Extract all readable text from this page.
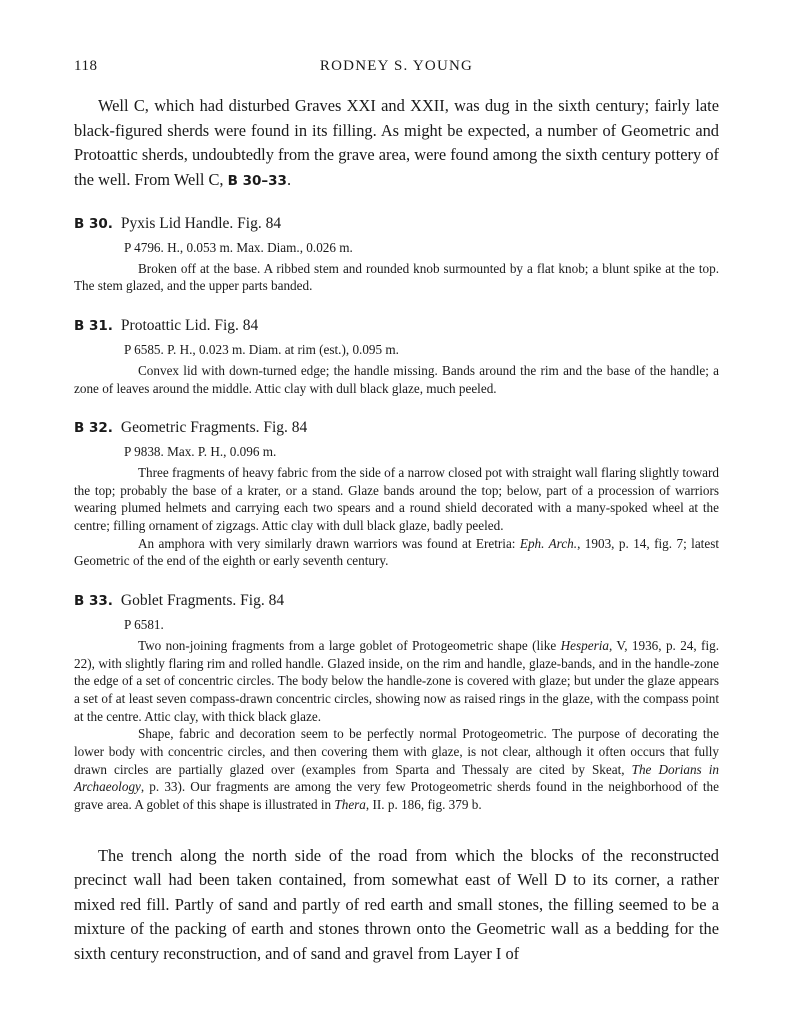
118	RODNEY S. YOUNG

Well C, which had disturbed Graves XXI and XXII, was dug in the sixth century; fairly late black-figured sherds were found in its filling. As might be expected, a number of Geometric and Protoattic sherds, undoubtedly from the grave area, were found among the sixth century pottery of the well. From Well C, B 30–33.

B 30. Pyxis Lid Handle. Fig. 84

P 4796. H., 0.053 m. Max. Diam., 0.026 m.

Broken off at the base. A ribbed stem and rounded knob surmounted by a flat knob; a blunt spike at the top. The stem glazed, and the upper parts banded.

B 31. Protoattic Lid. Fig. 84

P 6585. P. H., 0.023 m. Diam. at rim (est.), 0.095 m.

Convex lid with down-turned edge; the handle missing. Bands around the rim and the base of the handle; a zone of leaves around the middle. Attic clay with dull black glaze, much peeled.

B 32. Geometric Fragments. Fig. 84

P 9838. Max. P. H., 0.096 m.

Three fragments of heavy fabric from the side of a narrow closed pot with straight wall flaring slightly toward the top; probably the base of a krater, or a stand. Glaze bands around the top; below, part of a procession of warriors wearing plumed helmets and carrying each two spears and a round shield decorated with a many-spoked wheel at the centre; filling ornament of zigzags. Attic clay with dull black glaze, badly peeled.

An amphora with very similarly drawn warriors was found at Eretria: Eph. Arch., 1903, p. 14, fig. 7; latest Geometric of the end of the eighth or early seventh century.

B 33. Goblet Fragments. Fig. 84

P 6581.

Two non-joining fragments from a large goblet of Protogeometric shape (like Hesperia, V, 1936, p. 24, fig. 22), with slightly flaring rim and rolled handle. Glazed inside, on the rim and handle, glaze-bands, and in the handle-zone the edge of a set of concentric circles. The body below the handle-zone is covered with glaze; but under the glaze appears a set of at least seven compass-drawn concentric circles, showing now as raised rings in the glaze, with the compass point at the centre. Attic clay, with thick black glaze.

Shape, fabric and decoration seem to be perfectly normal Protogeometric. The purpose of decorating the lower body with concentric circles, and then covering them with glaze, is not clear, although it often occurs that fully drawn circles are partially glazed over (examples from Sparta and Thessaly are cited by Skeat, The Dorians in Archaeology, p. 33). Our fragments are among the very few Protogeometric sherds found in the neighborhood of the grave area. A goblet of this shape is illustrated in Thera, II. p. 186, fig. 379 b.

The trench along the north side of the road from which the blocks of the reconstructed precinct wall had been taken contained, from somewhat east of Well D to its corner, a rather mixed red fill. Partly of sand and partly of red earth and small stones, the filling seemed to be a mixture of the packing of earth and stones thrown onto the Geometric wall as a bedding for the sixth century reconstruction, and of sand and gravel from Layer I of
